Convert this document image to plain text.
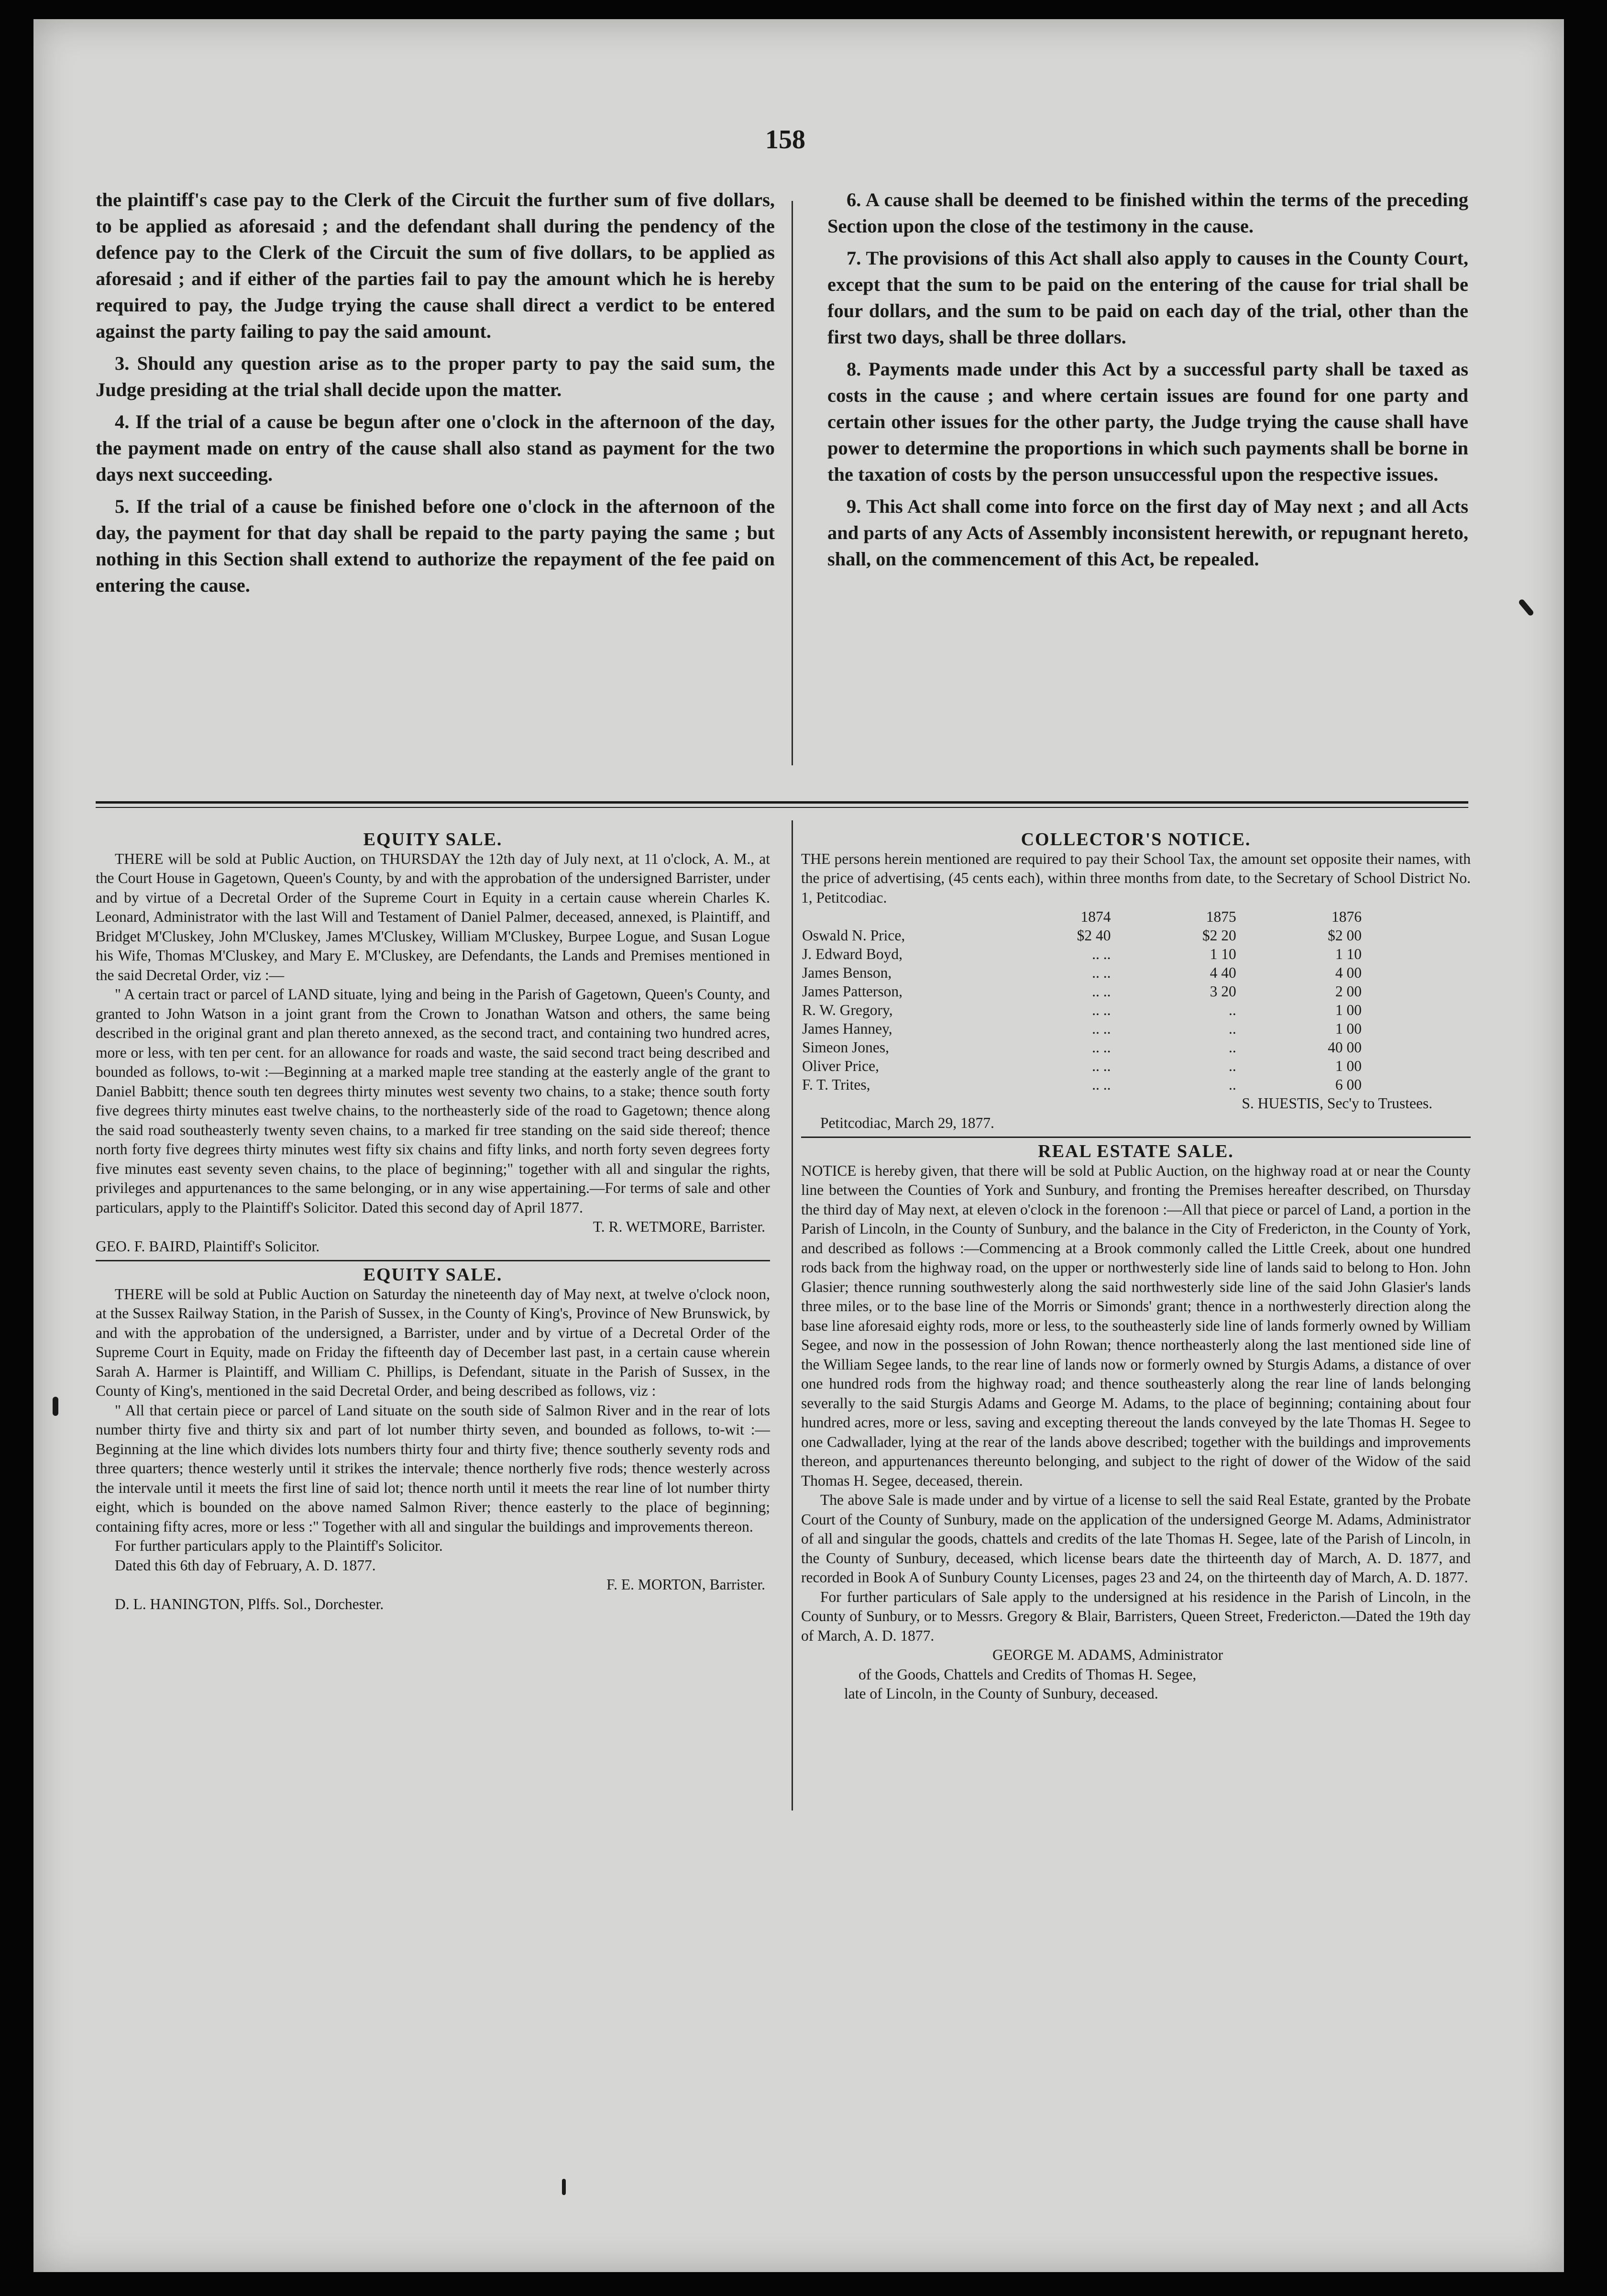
158

the plaintiff's case pay to the Clerk of the Circuit the further sum of five dollars, to be applied as aforesaid ; and the defendant shall during the pendency of the defence pay to the Clerk of the Circuit the sum of five dollars, to be applied as aforesaid ; and if either of the parties fail to pay the amount which he is hereby required to pay, the Judge trying the cause shall direct a verdict to be entered against the party failing to pay the said amount.

3. Should any question arise as to the proper party to pay the said sum, the Judge presiding at the trial shall decide upon the matter.

4. If the trial of a cause be begun after one o'clock in the afternoon of the day, the payment made on entry of the cause shall also stand as payment for the two days next succeeding.

5. If the trial of a cause be finished before one o'clock in the afternoon of the day, the payment for that day shall be repaid to the party paying the same ; but nothing in this Section shall extend to authorize the repayment of the fee paid on entering the cause.

6. A cause shall be deemed to be finished within the terms of the preceding Section upon the close of the testimony in the cause.

7. The provisions of this Act shall also apply to causes in the County Court, except that the sum to be paid on the entering of the cause for trial shall be four dollars, and the sum to be paid on each day of the trial, other than the first two days, shall be three dollars.

8. Payments made under this Act by a successful party shall be taxed as costs in the cause ; and where certain issues are found for one party and certain other issues for the other party, the Judge trying the cause shall have power to determine the proportions in which such payments shall be borne in the taxation of costs by the person unsuccessful upon the respective issues.

9. This Act shall come into force on the first day of May next ; and all Acts and parts of any Acts of Assembly inconsistent herewith, or repugnant hereto, shall, on the commencement of this Act, be repealed.

EQUITY SALE.

THERE will be sold at Public Auction, on THURSDAY the 12th day of July next, at 11 o'clock, A. M., at the Court House in Gagetown, Queen's County, by and with the approbation of the undersigned Barrister, under and by virtue of a Decretal Order of the Supreme Court in Equity in a certain cause wherein Charles K. Leonard, Administrator with the last Will and Testament of Daniel Palmer, deceased, annexed, is Plaintiff, and Bridget M'Cluskey, John M'Cluskey, James M'Cluskey, William M'Cluskey, Burpee Logue, and Susan Logue his Wife, Thomas M'Cluskey, and Mary E. M'Cluskey, are Defendants, the Lands and Premises mentioned in the said Decretal Order, viz :—

" A certain tract or parcel of LAND situate, lying and being in the Parish of Gagetown, Queen's County, and granted to John Watson in a joint grant from the Crown to Jonathan Watson and others, the same being described in the original grant and plan thereto annexed, as the second tract, and containing two hundred acres, more or less, with ten per cent. for an allowance for roads and waste, the said second tract being described and bounded as follows, to-wit :—Beginning at a marked maple tree standing at the easterly angle of the grant to Daniel Babbitt; thence south ten degrees thirty minutes west seventy two chains, to a stake; thence south forty five degrees thirty minutes east twelve chains, to the northeasterly side of the road to Gagetown; thence along the said road southeasterly twenty seven chains, to a marked fir tree standing on the said side thereof; thence north forty five degrees thirty minutes west fifty six chains and fifty links, and north forty seven degrees forty five minutes east seventy seven chains, to the place of beginning;" together with all and singular the rights, privileges and appurtenances to the same belonging, or in any wise appertaining.—For terms of sale and other particulars, apply to the Plaintiff's Solicitor. Dated this second day of April 1877.

T. R. WETMORE, Barrister.

GEO. F. BAIRD, Plaintiff's Solicitor.

EQUITY SALE.

THERE will be sold at Public Auction on Saturday the nineteenth day of May next, at twelve o'clock noon, at the Sussex Railway Station, in the Parish of Sussex, in the County of King's, Province of New Brunswick, by and with the approbation of the undersigned, a Barrister, under and by virtue of a Decretal Order of the Supreme Court in Equity, made on Friday the fifteenth day of December last past, in a certain cause wherein Sarah A. Harmer is Plaintiff, and William C. Phillips, is Defendant, situate in the Parish of Sussex, in the County of King's, mentioned in the said Decretal Order, and being described as follows, viz :

" All that certain piece or parcel of Land situate on the south side of Salmon River and in the rear of lots number thirty five and thirty six and part of lot number thirty seven, and bounded as follows, to-wit :—Beginning at the line which divides lots numbers thirty four and thirty five; thence southerly seventy rods and three quarters; thence westerly until it strikes the intervale; thence northerly five rods; thence westerly across the intervale until it meets the first line of said lot; thence north until it meets the rear line of lot number thirty eight, which is bounded on the above named Salmon River; thence easterly to the place of beginning; containing fifty acres, more or less :" Together with all and singular the buildings and improvements thereon.

For further particulars apply to the Plaintiff's Solicitor.

Dated this 6th day of February, A. D. 1877.

F. E. MORTON, Barrister.

D. L. HANINGTON, Plffs. Sol., Dorchester.

COLLECTOR'S NOTICE.

THE persons herein mentioned are required to pay their School Tax, the amount set opposite their names, with the price of advertising, (45 cents each), within three months from date, to the Secretary of School District No. 1, Petitcodiac.

	1874	1875	1876
Oswald N. Price,	$2 40	$2 20	$2 00
J. Edward Boyd,	.. ..	1 10	1 10
James Benson,	.. ..	4 40	4 00
James Patterson,	.. ..	3 20	2 00
R. W. Gregory,	.. ..	..	1 00
James Hanney,	.. ..	..	1 00
Simeon Jones,	.. ..	..	40 00
Oliver Price,	.. ..	..	1 00
F. T. Trites,	.. ..	..	6 00

S. HUESTIS, Sec'y to Trustees.

Petitcodiac, March 29, 1877.

REAL ESTATE SALE.

NOTICE is hereby given, that there will be sold at Public Auction, on the highway road at or near the County line between the Counties of York and Sunbury, and fronting the Premises hereafter described, on Thursday the third day of May next, at eleven o'clock in the forenoon :—All that piece or parcel of Land, a portion in the Parish of Lincoln, in the County of Sunbury, and the balance in the City of Fredericton, in the County of York, and described as follows :—Commencing at a Brook commonly called the Little Creek, about one hundred rods back from the highway road, on the upper or northwesterly side line of lands said to belong to Hon. John Glasier; thence running southwesterly along the said northwesterly side line of the said John Glasier's lands three miles, or to the base line of the Morris or Simonds' grant; thence in a northwesterly direction along the base line aforesaid eighty rods, more or less, to the southeasterly side line of lands formerly owned by William Segee, and now in the possession of John Rowan; thence northeasterly along the last mentioned side line of the William Segee lands, to the rear line of lands now or formerly owned by Sturgis Adams, a distance of over one hundred rods from the highway road; and thence southeasterly along the rear line of lands belonging severally to the said Sturgis Adams and George M. Adams, to the place of beginning; containing about four hundred acres, more or less, saving and excepting thereout the lands conveyed by the late Thomas H. Segee to one Cadwallader, lying at the rear of the lands above described; together with the buildings and improvements thereon, and appurtenances thereunto belonging, and subject to the right of dower of the Widow of the said Thomas H. Segee, deceased, therein.

The above Sale is made under and by virtue of a license to sell the said Real Estate, granted by the Probate Court of the County of Sunbury, made on the application of the undersigned George M. Adams, Administrator of all and singular the goods, chattels and credits of the late Thomas H. Segee, late of the Parish of Lincoln, in the County of Sunbury, deceased, which license bears date the thirteenth day of March, A. D. 1877, and recorded in Book A of Sunbury County Licenses, pages 23 and 24, on the thirteenth day of March, A. D. 1877.

For further particulars of Sale apply to the undersigned at his residence in the Parish of Lincoln, in the County of Sunbury, or to Messrs. Gregory & Blair, Barristers, Queen Street, Fredericton.—Dated the 19th day of March, A. D. 1877.

GEORGE M. ADAMS, Administrator

of the Goods, Chattels and Credits of Thomas H. Segee,

late of Lincoln, in the County of Sunbury, deceased.
